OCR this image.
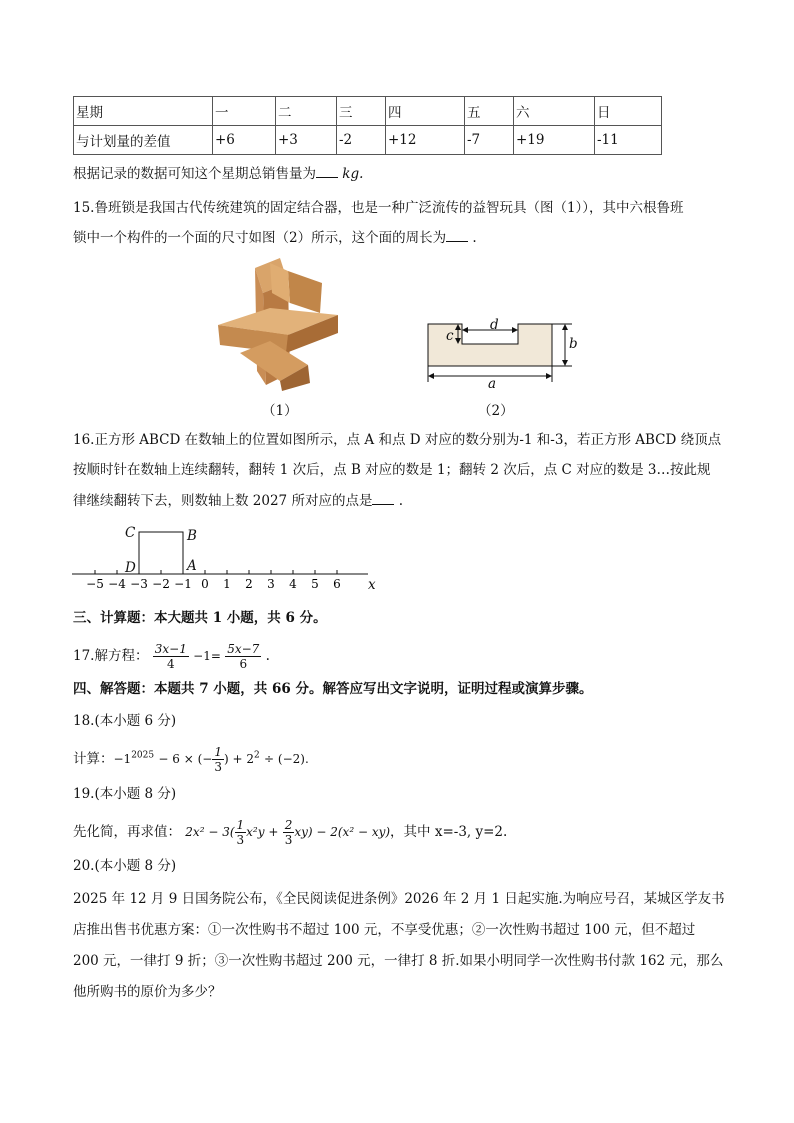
星期	一	二	三	四	五	六	日
与计划量的差值	+6	+3	-2	+12	-7	+19	-11
根据记录的数据可知这个星期总销售量为 kg.
15.鲁班锁是我国古代传统建筑的固定结合器，也是一种广泛流传的益智玩具（图（1）），其中六根鲁班
锁中一个构件的一个面的尺寸如图（2）所示，这个面的周长为 .
（1）
c
d
b
a
（2）
16.正方形 ABCD 在数轴上的位置如图所示，点 A 和点 D 对应的数分别为-1 和-3，若正方形 ABCD 绕顶点
按顺时针在数轴上连续翻转，翻转 1 次后，点 B 对应的数是 1；翻转 2 次后，点 C 对应的数是 3…按此规
律继续翻转下去，则数轴上数 2027 所对应的点是 .
−5 −4 −3 −2 −1 0 1 2 3 4 5 6
C	B
D	A
x
三、计算题：本大题共 1 小题，共 6 分。
17.解方程： $\frac{3x-1}{4} -1= \frac{5x-7}{6}$ .
四、解答题：本题共 7 小题，共 66 分。解答应写出文字说明，证明过程或演算步骤。
18.(本小题 6 分)
计算：$-1^{2025} - 6$ × (− $\frac{1}{3}$ ) + $2^2 \div (-2)$.
19.(本小题 8 分)
先化简，再求值： $2x^2 - 3( \frac{1}{3} x^2y + \frac{2}{3} xy) - 2(x^2 - xy)$，其中 x=-3, y=2.
20.(本小题 8 分)
2025 年 12 月 9 日国务院公布，《全民阅读促进条例》2026 年 2 月 1 日起实施.为响应号召，某城区学友书
店推出售书优惠方案：①一次性购书不超过 100 元，不享受优惠；②一次性购书超过 100 元，但不超过
200 元，一律打 9 折；③一次性购书超过 200 元，一律打 8 折.如果小明同学一次性购书付款 162 元，那么
他所购书的原价为多少？
